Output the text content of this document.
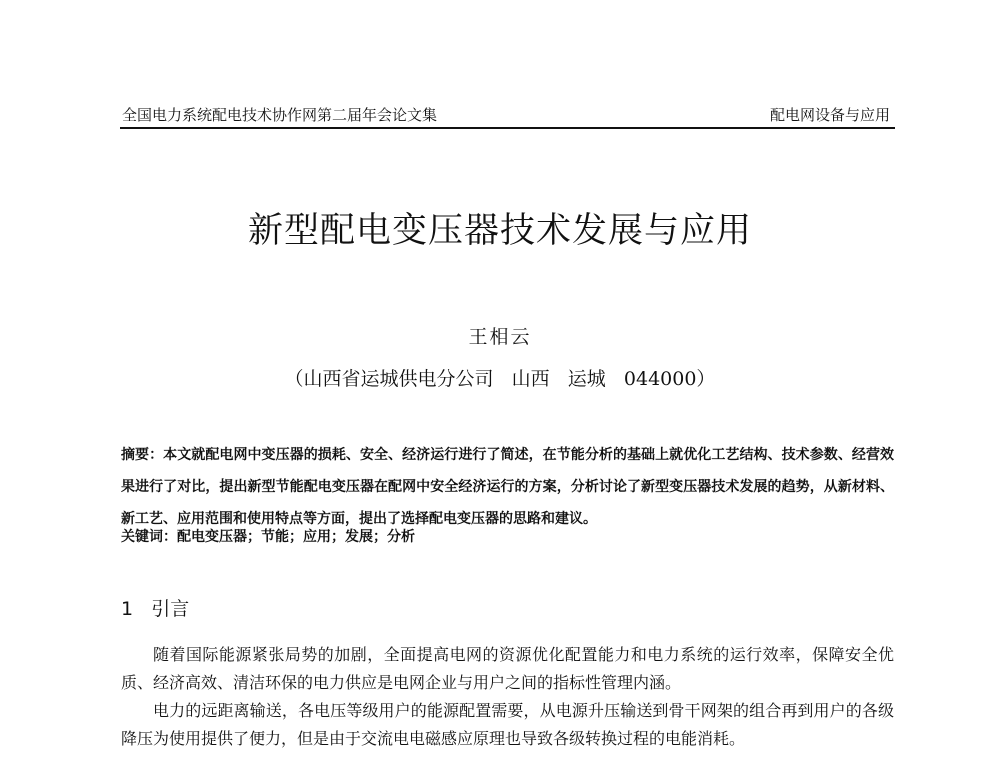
全国电力系统配电技术协作网第二届年会论文集	配电网设备与应用
新型配电变压器技术发展与应用
王相云
（山西省运城供电分公司   山西   运城   044000）
摘要：本文就配电网中变压器的损耗、安全、经济运行进行了简述，在节能分析的基础上就优化工艺结构、技术参数、经营效果进行了对比，提出新型节能配电变压器在配网中安全经济运行的方案，分析讨论了新型变压器技术发展的趋势，从新材料、新工艺、应用范围和使用特点等方面，提出了选择配电变压器的思路和建议。
关键词：配电变压器；节能；应用；发展；分析
1   引言

随着国际能源紧张局势的加剧，全面提高电网的资源优化配置能力和电力系统的运行效率，保障安全优质、经济高效、清洁环保的电力供应是电网企业与用户之间的指标性管理内涵。

电力的远距离输送，各电压等级用户的能源配置需要，从电源升压输送到骨干网架的组合再到用户的各级降压为使用提供了便力，但是由于交流电电磁感应原理也导致各级转换过程的电能消耗。
